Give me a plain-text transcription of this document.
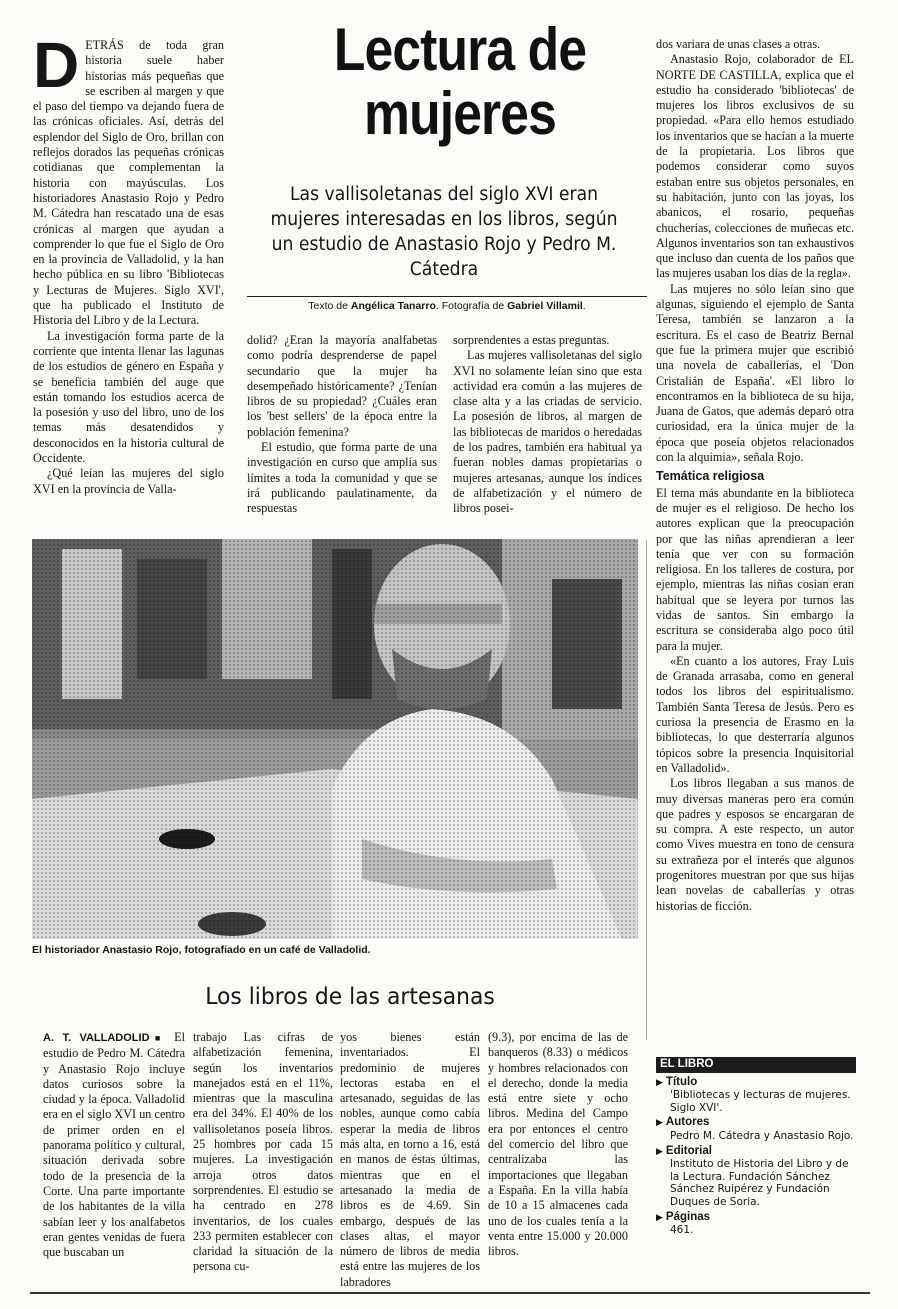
DETRÁS de toda gran historia suele haber historias más pequeñas que se escriben al margen y que el paso del tiempo va dejando fuera de las crónicas oficiales. Así, detrás del esplendor del Siglo de Oro, brillan con reflejos dorados las pequeñas crónicas cotidianas que complementan la historia con mayúsculas. Los historiadores Anastasio Rojo y Pedro M. Cátedra han rescatado una de esas crónicas al margen que ayudan a comprender lo que fue el Siglo de Oro en la provincia de Valladolid, y la han hecho pública en su libro 'Bibliotecas y Lecturas de Mujeres. Siglo XVI', que ha publicado el Instituto de Historia del Libro y de la Lectura.

La investigación forma parte de la corriente que intenta llenar las lagunas de los estudios de género en España y se beneficia también del auge que están tomando los estudios acerca de la posesión y uso del libro, uno de los temas más desatendidos y desconocidos en la historia cultural de Occidente.

¿Qué leían las mujeres del siglo XVI en la provincia de Valla-

Lectura de
mujeres
Las vallisoletanas del siglo XVI eran mujeres interesadas en los libros, según un estudio de Anastasio Rojo y Pedro M. Cátedra
Texto de Angélica Tanarro. Fotografía de Gabriel Villamil.

dolid? ¿Eran la mayoría analfabetas como podría desprenderse de papel secundario que la mujer ha desempeñado históricamente? ¿Tenían libros de su propiedad? ¿Cuáles eran los 'best sellers' de la época entre la población femenina?

El estudio, que forma parte de una investigación en curso que amplía sus límites a toda la comunidad y que se irá publicando paulatinamente, da respuestas

sorprendentes a estas preguntas.

Las mujeres vallisoletanas del siglo XVI no solamente leían sino que esta actividad era común a las mujeres de clase alta y a las criadas de servicio. La posesión de libros, al margen de las bibliotecas de maridos o heredadas de los padres, también era habitual ya fueran nobles damas propietarias o mujeres artesanas, aunque los índices de alfabetización y el número de libros posei-

dos variara de unas clases a otras.

Anastasio Rojo, colaborador de EL NORTE DE CASTILLA, explica que el estudio ha considerado 'bibliotecas' de mujeres los libros exclusivos de su propiedad. «Para ello hemos estudiado los inventarios que se hacían a la muerte de la propietaria. Los libros que podemos considerar como suyos estaban entre sus objetos personales, en su habitación, junto con las joyas, los abanicos, el rosario, pequeñas chucherías, colecciones de muñecas etc. Algunos inventarios son tan exhaustivos que incluso dan cuenta de los paños que las mujeres usaban los días de la regla».

Las mujeres no sólo leían sino que algunas, siguiendo el ejemplo de Santa Teresa, también se lanzaron a la escritura. Es el caso de Beatriz Bernal que fue la primera mujer que escribió una novela de caballerías, el 'Don Cristalián de España'. «El libro lo encontramos en la biblioteca de su hija, Juana de Gatos, que además deparó otra curiosidad, era la única mujer de la época que poseía objetos relacionados con la alquimia», señala Rojo.

Temática religiosa

El tema más abundante en la biblioteca de mujer es el religioso. De hecho los autores explican que la preocupación por que las niñas aprendieran a leer tenía que ver con su formación religiosa. En los talleres de costura, por ejemplo, mientras las niñas cosian eran habitual que se leyera por turnos las vidas de santos. Sin embargo la escritura se consideraba algo poco útil para la mujer.

«En cuanto a los autores, Fray Luis de Granada arrasaba, como en general todos los libros del espiritualismo. También Santa Teresa de Jesús. Pero es curiosa la presencia de Erasmo en la bibliotecas, lo que desterraría algunos tópicos sobre la presencia Inquisitorial en Valladolid».

Los libros llegaban a sus manos de muy diversas maneras pero era común que padres y esposos se encargaran de su compra. A este respecto, un autor como Vives muestra en tono de censura su extrañeza por el interés que algunos progenitores muestran por que sus hijas lean novelas de caballerías y otras historias de ficción.

El historiador Anastasio Rojo, fotografiado en un café de Valladolid.
Los libros de las artesanas

A. T. VALLADOLID■ El estudio de Pedro M. Cátedra y Anastasio Rojo incluye datos curiosos sobre la ciudad y la época. Valladolid era en el siglo XVI un centro de primer orden en el panorama político y cultural, situación derivada sobre todo de la presencia de la Corte. Una parte importante de los habitantes de la villa sabían leer y los analfabetos eran gentes venidas de fuera que buscaban un

trabajo Las cifras de alfabetización femenina, según los inventarios manejados está en el 11%, mientras que la masculina era del 34%. El 40% de los vallisoletanos poseía libros. 25 hombres por cada 15 mujeres. La investigación arroja otros datos sorprendentes. El estudio se ha centrado en 278 inventarios, de los cuales 233 permiten establecer con claridad la situación de la persona cu-

yos bienes están inventariados. El predominio de mujeres lectoras estaba en el artesanado, seguidas de las nobles, aunque como cabía esperar la media de libros más alta, en torno a 16, está en manos de éstas últimas, mientras que en el artesanado la media de libros es de 4.69. Sin embargo, después de las clases altas, el mayor número de libros de media está entre las mujeres de los labradores

(9.3), por encima de las de banqueros (8.33) o médicos y hombres relacionados con el derecho, donde la media está entre siete y ocho libros. Medina del Campo era por entonces el centro del comercio del libro que centralizaba las importaciones que llegaban a España. En la villa había de 10 a 15 almacenes cada uno de los cuales tenía a la venta entre 15.000 y 20.000 libros.

EL LIBRO
▶ Título
'Bibliotecas y lecturas de mujeres. Siglo XVI'.
▶ Autores
Pedro M. Cátedra y Anastasio Rojo.
▶ Editorial
Instituto de Historia del Libro y de la Lectura. Fundación Sánchez Sánchez Ruipérez y Fundación Duques de Soria.
▶ Páginas
461.
